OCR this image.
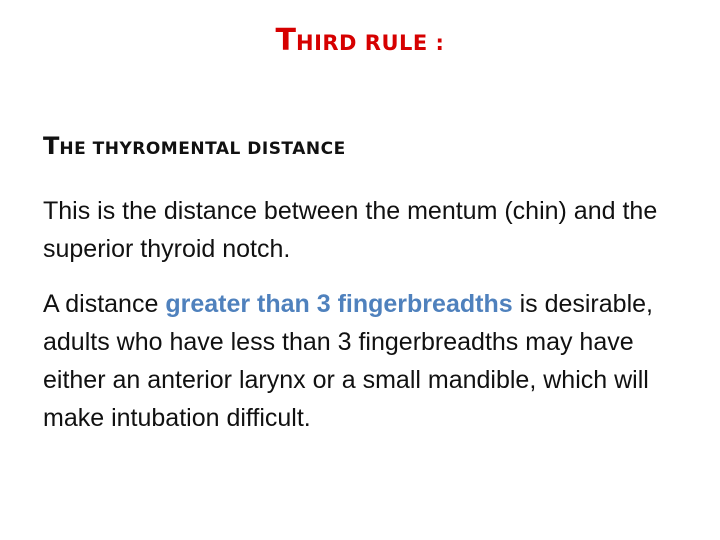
THIRD RULE :
THE THYROMENTAL DISTANCE

This is the distance between the mentum (chin) and the superior thyroid notch.

A distance greater than 3 fingerbreadths is desirable, adults who have less than 3 fingerbreadths may have either an anterior larynx or a small mandible, which will make intubation difficult.
